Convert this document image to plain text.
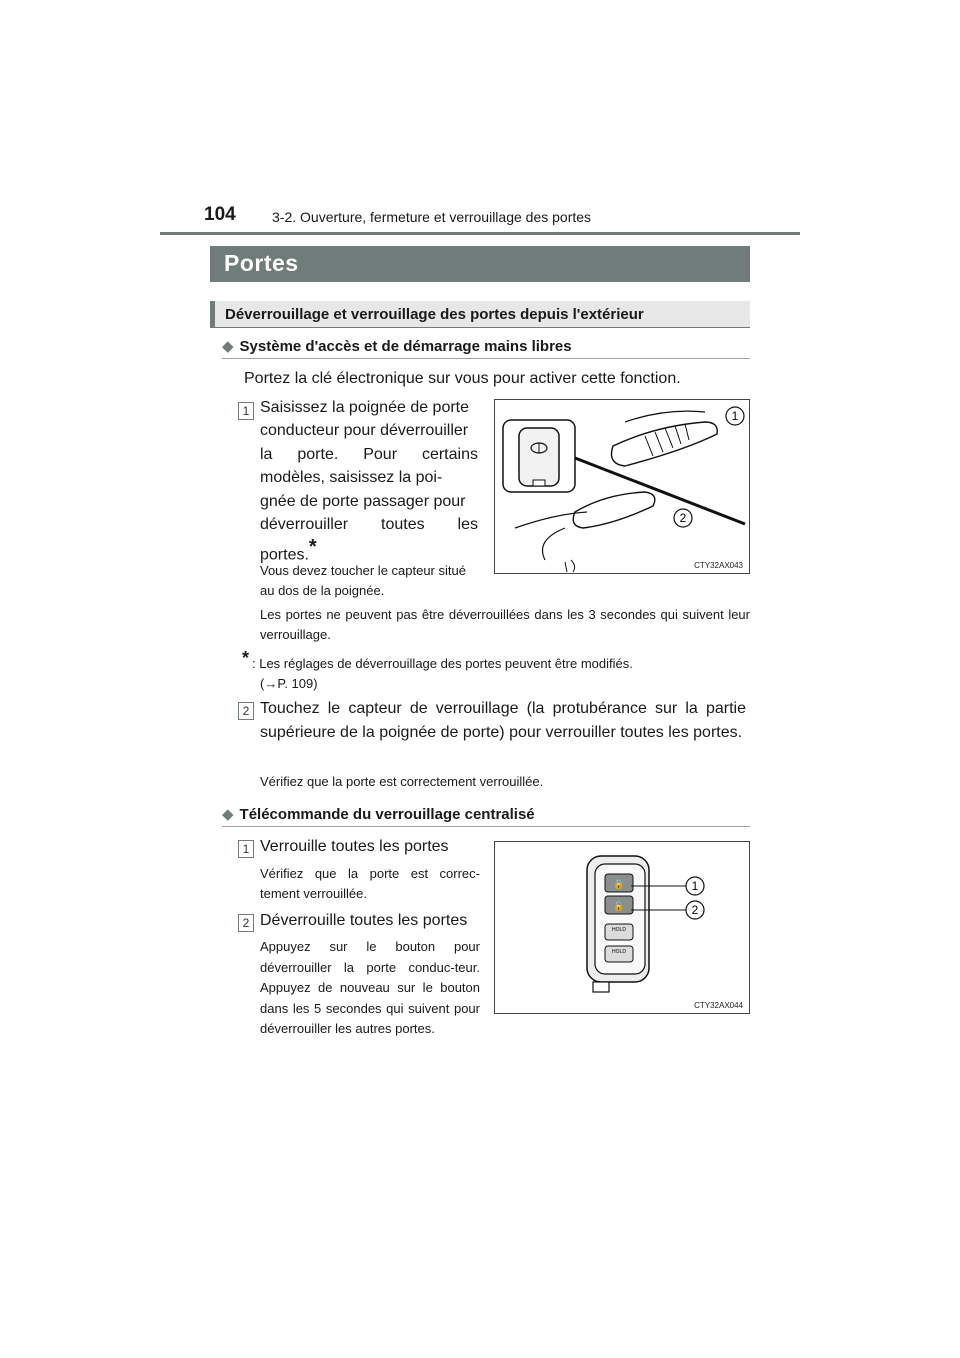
104	3-2. Ouverture, fermeture et verrouillage des portes
Portes
Déverrouillage et verrouillage des portes depuis l'extérieur
◆ Système d'accès et de démarrage mains libres
Portez la clé électronique sur vous pour activer cette fonction.
1 Saisissez la poignée de porte
conducteur pour déverrouiller
la porte. Pour certains
modèles, saisissez la poi-
gnée de porte passager pour
déverrouiller toutes les
portes.*
Vous devez toucher le capteur situé au dos de la poignée.
Les portes ne peuvent pas être déverrouillées dans les 3 secondes qui suivent leur verrouillage.
* : Les réglages de déverrouillage des portes peuvent être modifiés.
(→P. 109)
2 Touchez le capteur de verrouillage (la protubérance sur la partie supérieure de la poignée de porte) pour verrouiller toutes les portes.
Vérifiez que la porte est correctement verrouillée.
1
2
CTY32AX043
◆ Télécommande du verrouillage centralisé
1 Verrouille toutes les portes
Vérifiez que la porte est correc-tement verrouillée.
2 Déverrouille toutes les portes
Appuyez sur le bouton pour déverrouiller la porte conduc-teur. Appuyez de nouveau sur le bouton dans les 5 secondes qui suivent pour déverrouiller les autres portes.
🔒
🔓
HOLD
HOLD
1
2
CTY32AX044
